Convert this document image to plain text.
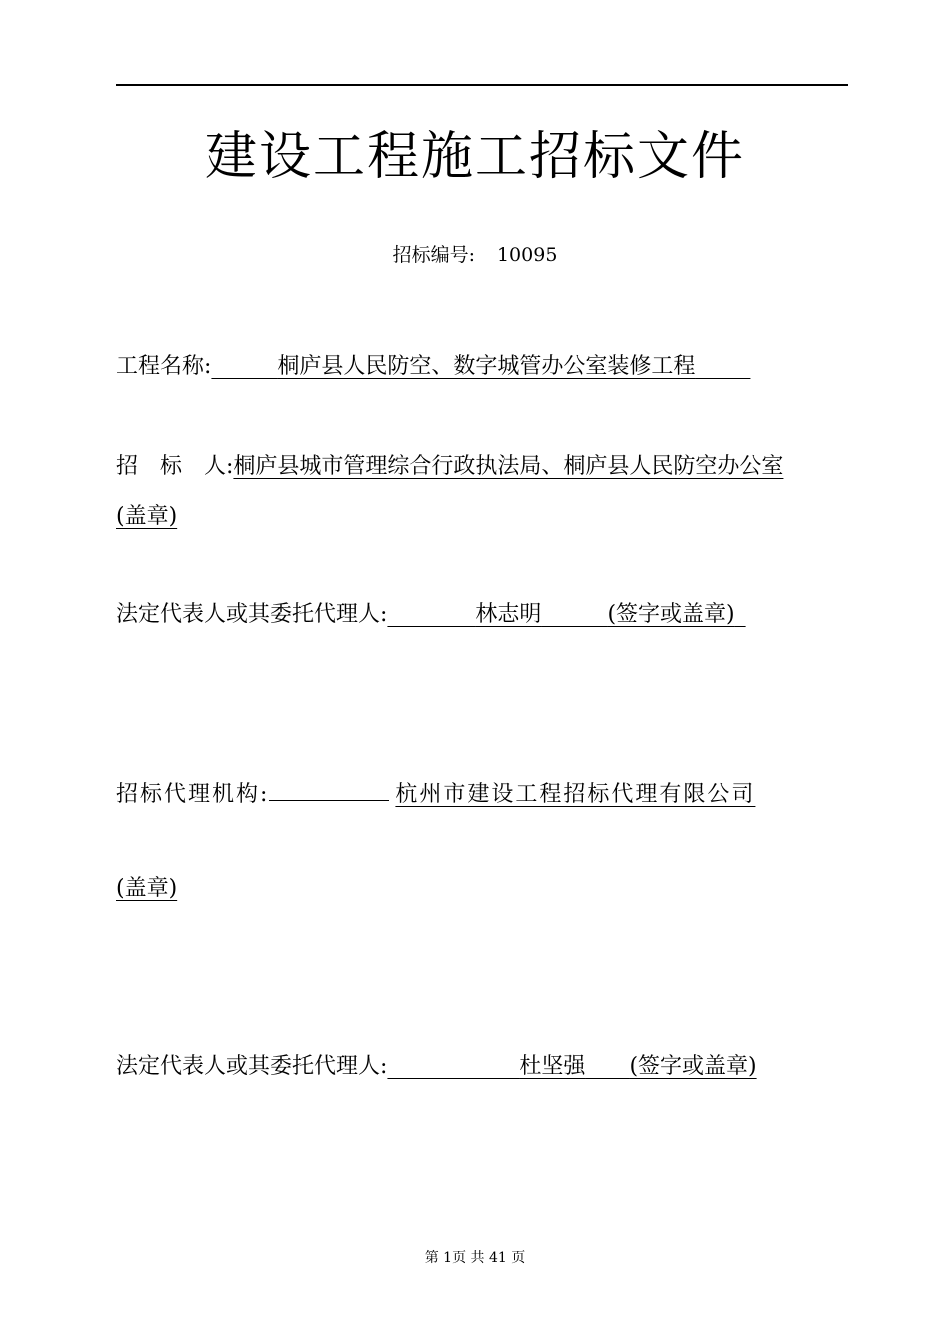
建设工程施工招标文件
招标编号: 10095
工程名称:   	桐庐县人民防空、数字城管办公室装修工程   
招　标　人:桐庐县城市管理综合行政执法局、桐庐县人民防空办公室
(盖章)
法定代表人或其委托代理人:    	林志明   	(签字或盖章) 
招标代理机构:	杭州市建设工程招标代理有限公司
(盖章)
法定代表人或其委托代理人:      	杜坚强   (签字或盖章)
第 1页 共 41 页
